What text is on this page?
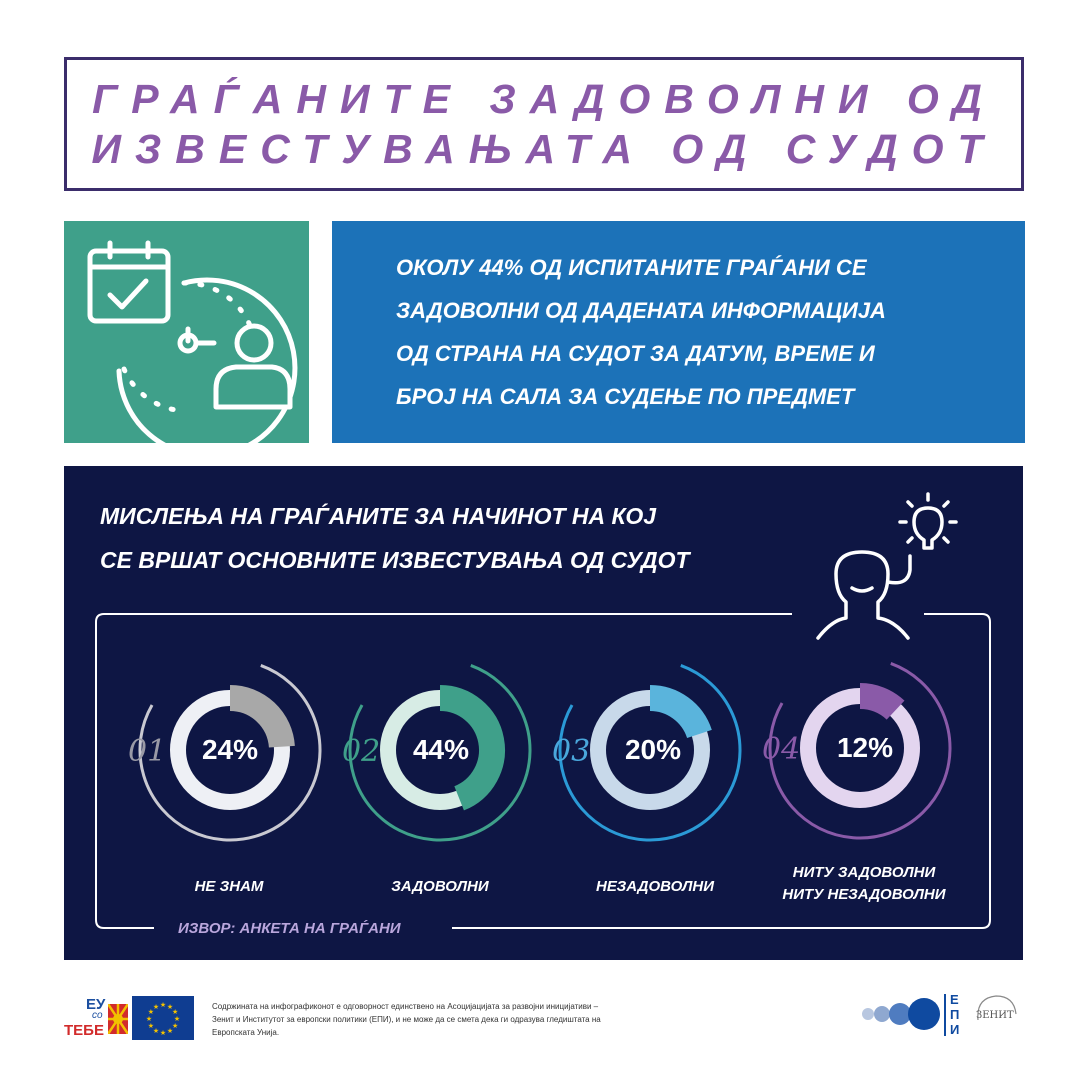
ГРАЃАНИТЕ ЗАДОВОЛНИ ОД
ИЗВЕСТУВАЊАТА ОД СУДОТ
ОКОЛУ 44% ОД ИСПИТАНИТЕ ГРАЃАНИ СЕ
ЗАДОВОЛНИ ОД ДАДЕНАТА ИНФОРМАЦИЈА
ОД СТРАНА НА СУДОТ ЗА ДАТУМ, ВРЕМЕ И
БРОЈ НА САЛА ЗА СУДЕЊЕ ПО ПРЕДМЕТ
МИСЛЕЊА НА ГРАЃАНИТЕ ЗА НАЧИНОТ НА КОЈ
СЕ ВРШАТ ОСНОВНИТЕ ИЗВЕСТУВАЊА ОД СУДОТ
01	02	03	04
24%	44%	20%	12%
НЕ ЗНАМ	ЗАДОВОЛНИ	НЕЗАДОВОЛНИ
НИТУ ЗАДОВОЛНИ
НИТУ НЕЗАДОВОЛНИ
ИЗВОР: АНКЕТА НА ГРАЃАНИ
ЕУ
со
ТЕБЕ
★
★
★
★
★
★
★
★
★ ★ ★
★
Содржината на инфографиконот е одговорност единствено на Асоцијацијата за развојни иницијативи – Зенит и Институтот за европски политики (ЕПИ), и не може да се смета дека ги одразува гледиштата на Европската Унија.
ЕПИ
ЗЕНИТ
